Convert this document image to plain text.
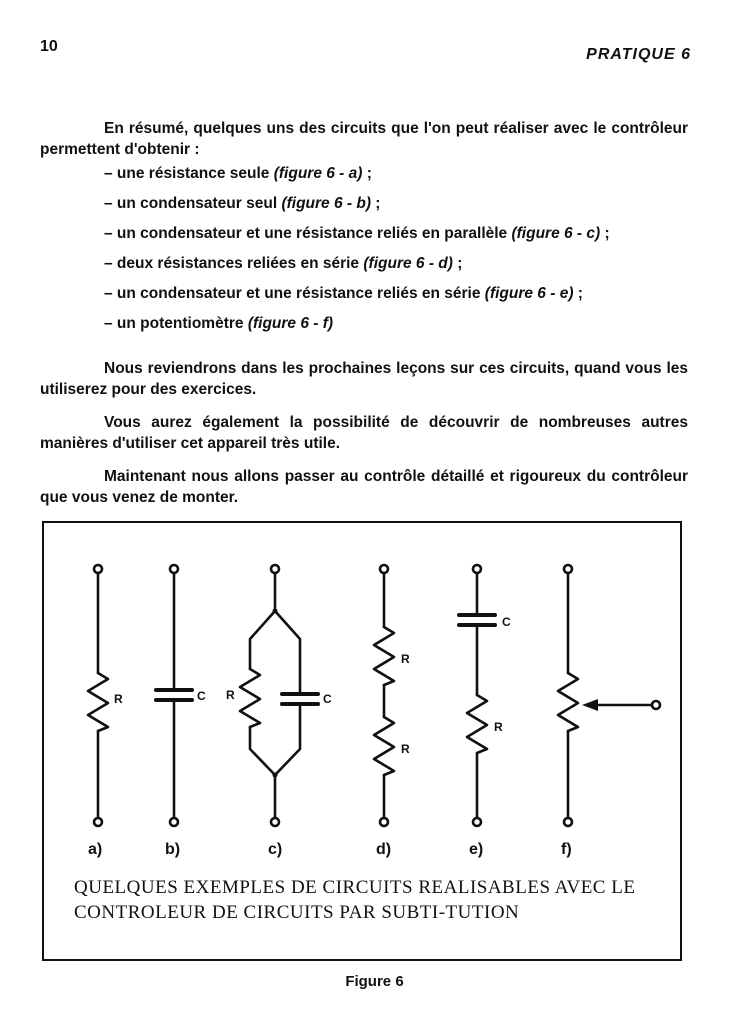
10	PRATIQUE 6
En résumé, quelques uns des circuits que l'on peut réaliser avec le contrôleur permettent d'obtenir :
– une résistance seule (figure 6 - a) ;
– un condensateur seul (figure 6 - b) ;
– un condensateur et une résistance reliés en parallèle (figure 6 - c) ;
– deux résistances reliées en série (figure 6 - d) ;
– un condensateur et une résistance reliés en série (figure 6 - e) ;
– un potentiomètre (figure 6 - f)
Nous reviendrons dans les prochaines leçons sur ces circuits, quand vous les utiliserez pour des exercices.
Vous aurez également la possibilité de découvrir de nombreuses autres manières d'utiliser cet appareil très utile.
Maintenant nous allons passer au contrôle détaillé et rigoureux du contrôleur que vous venez de monter.
R	C R	C
R
R
C
R
a)	b)	c)	d)	e)	f)
QUELQUES EXEMPLES DE CIRCUITS REALISABLES AVEC LE CONTROLEUR DE CIRCUITS PAR SUBTI-TUTION
Figure 6
